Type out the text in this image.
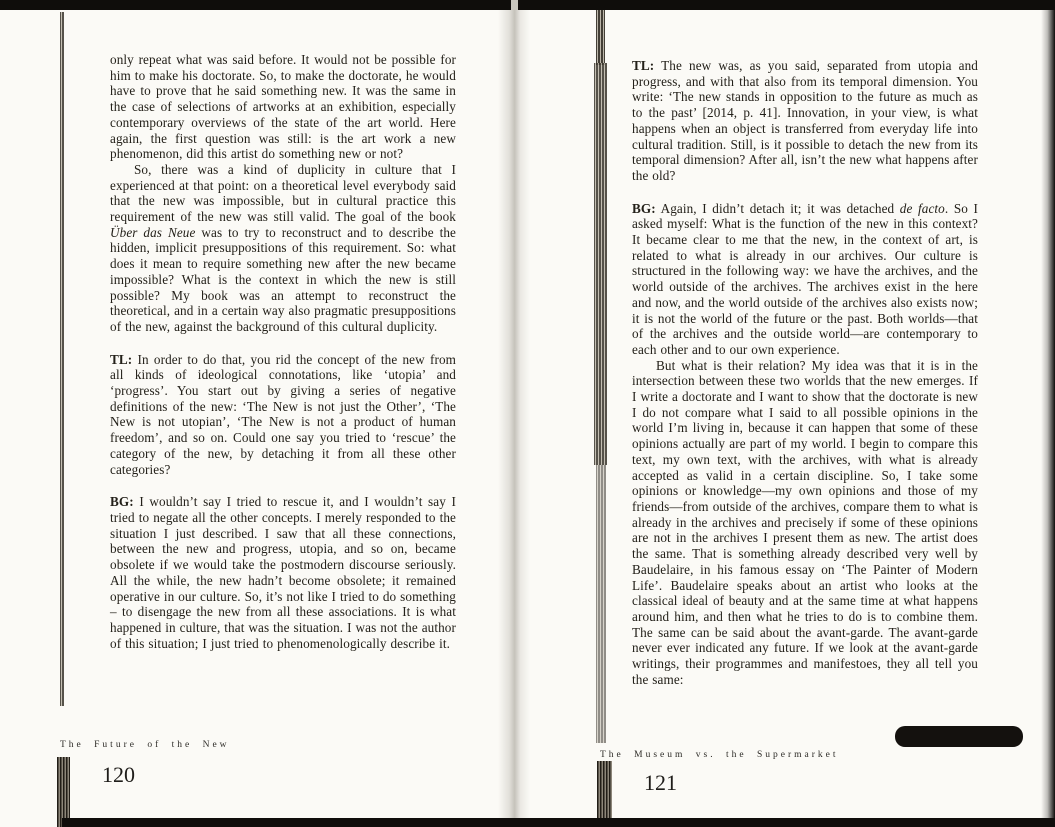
only repeat what was said before. It would not be possible for him to make his doctorate. So, to make the doctorate, he would have to prove that he said something new. It was the same in the case of selections of artworks at an exhibition, especially contemporary overviews of the state of the art world. Here again, the first question was still: is the art work a new phenomenon, did this artist do something new or not?

So, there was a kind of duplicity in culture that I experienced at that point: on a theoretical level everybody said that the new was impossible, but in cultural practice this requirement of the new was still valid. The goal of the book Über das Neue was to try to reconstruct and to describe the hidden, implicit presuppositions of this requirement. So: what does it mean to require something new after the new became impossible? What is the context in which the new is still possible? My book was an attempt to reconstruct the theoretical, and in a certain way also pragmatic presuppositions of the new, against the background of this cultural duplicity.

TL: In order to do that, you rid the concept of the new from all kinds of ideological connotations, like ‘utopia’ and ‘progress’. You start out by giving a series of negative definitions of the new: ‘The New is not just the Other’, ‘The New is not utopian’, ‘The New is not a product of human freedom’, and so on. Could one say you tried to ‘rescue’ the category of the new, by detaching it from all these other categories?

BG: I wouldn’t say I tried to rescue it, and I wouldn’t say I tried to negate all the other concepts. I merely responded to the situation I just described. I saw that all these connections, between the new and progress, utopia, and so on, became obsolete if we would take the postmodern discourse seriously. All the while, the new hadn’t become obsolete; it remained operative in our culture. So, it’s not like I tried to do something – to disengage the new from all these associations. It is what happened in culture, that was the situation. I was not the author of this situation; I just tried to phenomenologically describe it.

TL: The new was, as you said, separated from utopia and progress, and with that also from its temporal dimension. You write: ‘The new stands in opposition to the future as much as to the past’ [2014, p. 41]. Innovation, in your view, is what happens when an object is transferred from everyday life into cultural tradition. Still, is it possible to detach the new from its temporal dimension? After all, isn’t the new what happens after the old?

BG: Again, I didn’t detach it; it was detached de facto. So I asked myself: What is the function of the new in this context? It became clear to me that the new, in the context of art, is related to what is already in our archives. Our culture is structured in the following way: we have the archives, and the world outside of the archives. The archives exist in the here and now, and the world outside of the archives also exists now; it is not the world of the future or the past. Both worlds—that of the archives and the outside world—are contemporary to each other and to our own experience.

But what is their relation? My idea was that it is in the intersection between these two worlds that the new emerges. If I write a doctorate and I want to show that the doctorate is new I do not compare what I said to all possible opinions in the world I’m living in, because it can happen that some of these opinions actually are part of my world. I begin to compare this text, my own text, with the archives, with what is already accepted as valid in a certain discipline. So, I take some opinions or knowledge—my own opinions and those of my friends—from outside of the archives, compare them to what is already in the archives and precisely if some of these opinions are not in the archives I present them as new. The artist does the same. That is something already described very well by Baudelaire, in his famous essay on ‘The Painter of Modern Life’. Baudelaire speaks about an artist who looks at the classical ideal of beauty and at the same time at what happens around him, and then what he tries to do is to combine them. The same can be said about the avant-garde. The avant-garde never ever indicated any future. If we look at the avant-garde writings, their programmes and manifestoes, they all tell you the same:

The Future of the New
120
The Museum vs. the Supermarket
121
